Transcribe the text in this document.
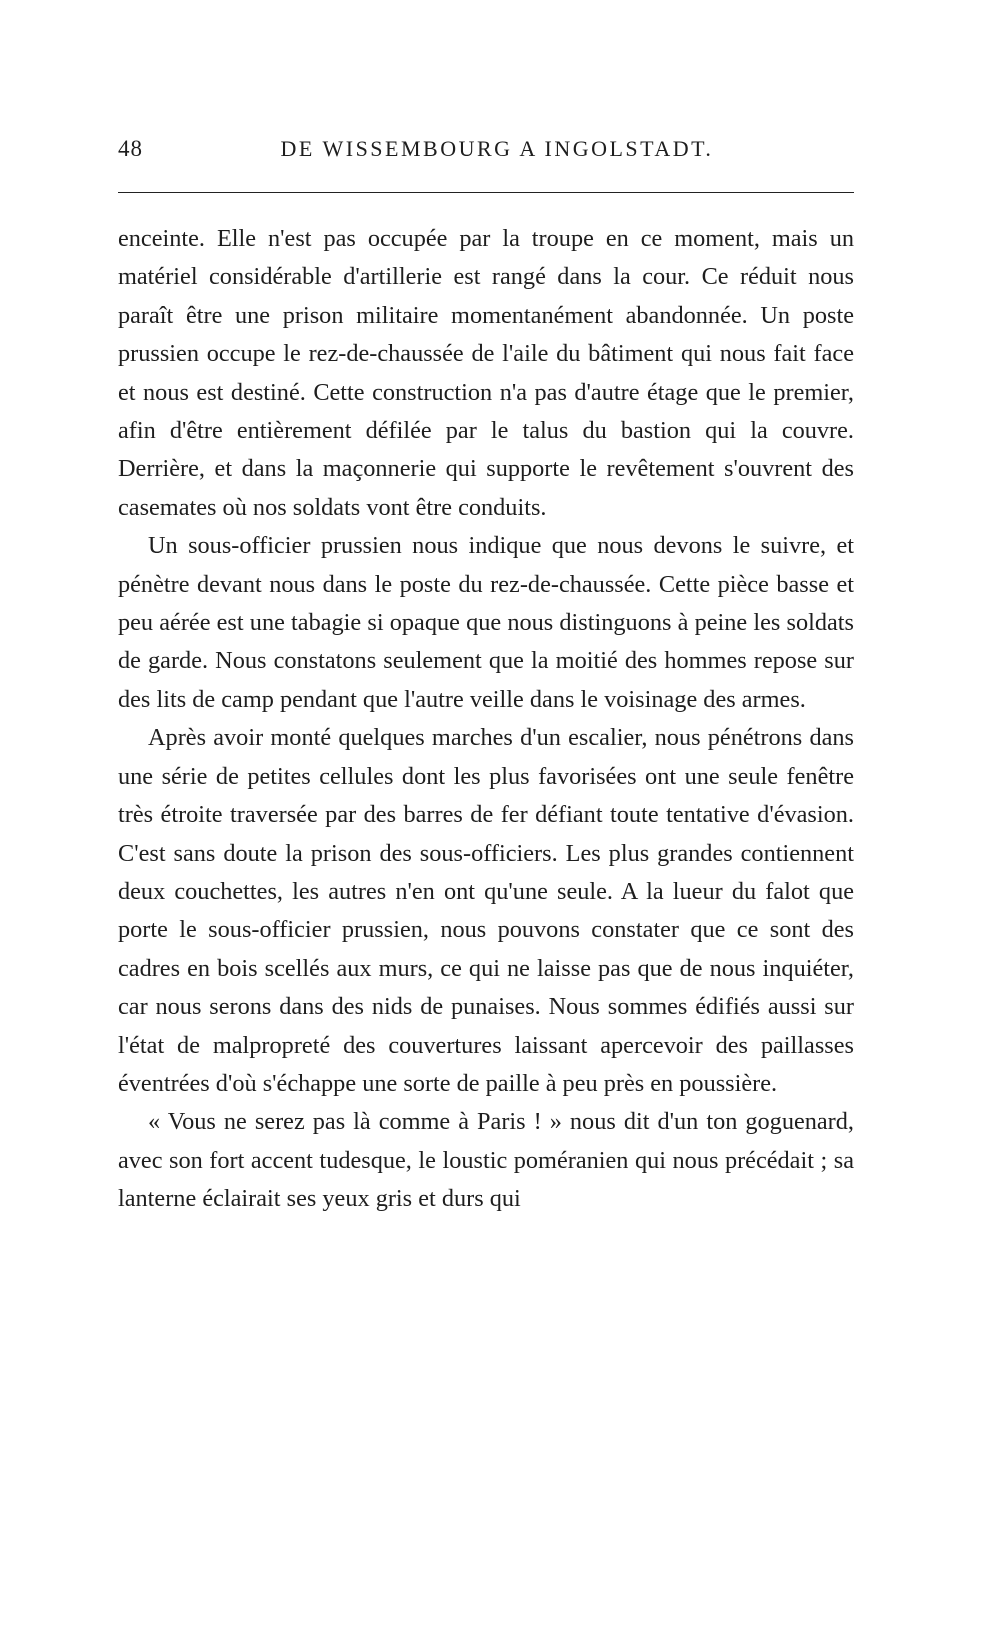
48	DE WISSEMBOURG A INGOLSTADT.

enceinte. Elle n'est pas occupée par la troupe en ce moment, mais un matériel considérable d'artillerie est rangé dans la cour. Ce réduit nous paraît être une prison militaire momentanément abandonnée. Un poste prussien occupe le rez-de-chaussée de l'aile du bâtiment qui nous fait face et nous est destiné. Cette construction n'a pas d'autre étage que le premier, afin d'être entièrement défilée par le talus du bastion qui la couvre. Derrière, et dans la maçonnerie qui supporte le revêtement s'ouvrent des casemates où nos soldats vont être conduits.

Un sous-officier prussien nous indique que nous devons le suivre, et pénètre devant nous dans le poste du rez-de-chaussée. Cette pièce basse et peu aérée est une tabagie si opaque que nous distinguons à peine les soldats de garde. Nous constatons seulement que la moitié des hommes repose sur des lits de camp pendant que l'autre veille dans le voisinage des armes.

Après avoir monté quelques marches d'un escalier, nous pénétrons dans une série de petites cellules dont les plus favorisées ont une seule fenêtre très étroite traversée par des barres de fer défiant toute tentative d'évasion. C'est sans doute la prison des sous-officiers. Les plus grandes contiennent deux couchettes, les autres n'en ont qu'une seule. A la lueur du falot que porte le sous-officier prussien, nous pouvons constater que ce sont des cadres en bois scellés aux murs, ce qui ne laisse pas que de nous inquiéter, car nous serons dans des nids de punaises. Nous sommes édifiés aussi sur l'état de malpropreté des couvertures laissant apercevoir des paillasses éventrées d'où s'échappe une sorte de paille à peu près en poussière.

« Vous ne serez pas là comme à Paris ! » nous dit d'un ton goguenard, avec son fort accent tudesque, le loustic poméranien qui nous précédait ; sa lanterne éclairait ses yeux gris et durs qui
